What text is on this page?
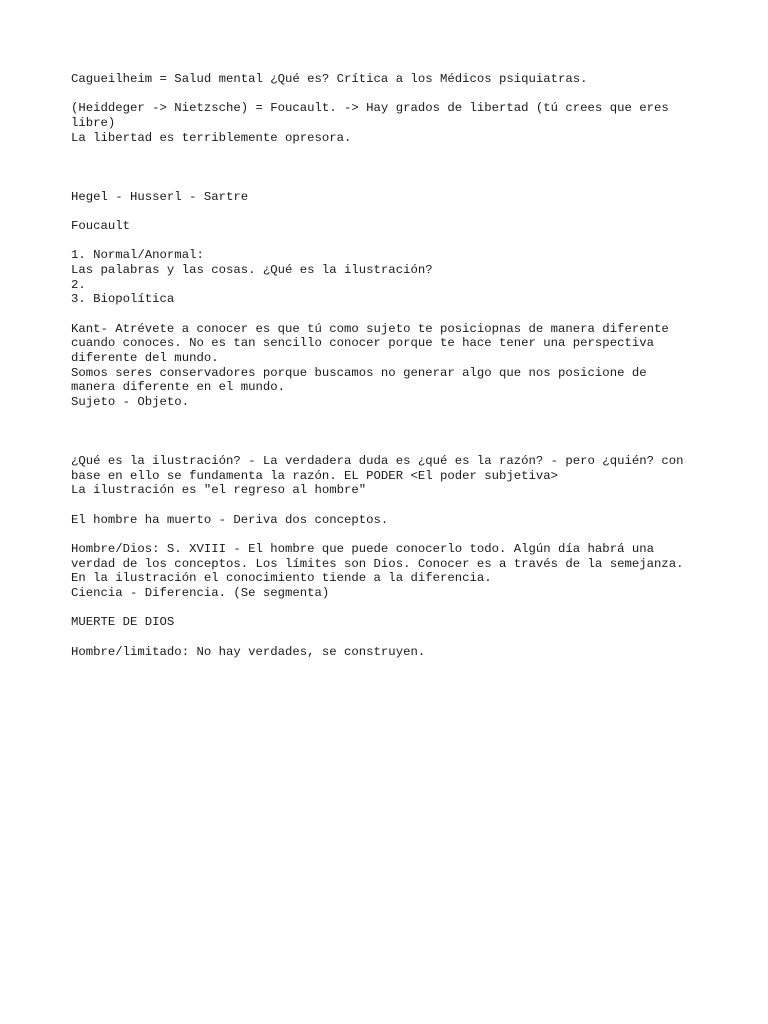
Cagueilheim = Salud mental ¿Qué es? Crítica a los Médicos psiquiatras.
(Heiddeger -> Nietzsche) = Foucault. -> Hay grados de libertad (tú crees que eres
libre)
La libertad es terriblemente opresora.
Hegel - Husserl - Sartre
Foucault
1. Normal/Anormal:
Las palabras y las cosas. ¿Qué es la ilustración?
2.
3. Biopolítica
Kant- Atrévete a conocer es que tú como sujeto te posiciopnas de manera diferente
cuando conoces. No es tan sencillo conocer porque te hace tener una perspectiva
diferente del mundo.
Somos seres conservadores porque buscamos no generar algo que nos posicione de
manera diferente en el mundo.
Sujeto - Objeto.
¿Qué es la ilustración? - La verdadera duda es ¿qué es la razón? - pero ¿quién? con
base en ello se fundamenta la razón. EL PODER <El poder subjetiva>
La ilustración es "el regreso al hombre"
El hombre ha muerto - Deriva dos conceptos.
Hombre/Dios: S. XVIII - El hombre que puede conocerlo todo. Algún día habrá una
verdad de los conceptos. Los límites son Dios. Conocer es a través de la semejanza.
En la ilustración el conocimiento tiende a la diferencia.
Ciencia - Diferencia. (Se segmenta)
MUERTE DE DIOS
Hombre/limitado: No hay verdades, se construyen.
